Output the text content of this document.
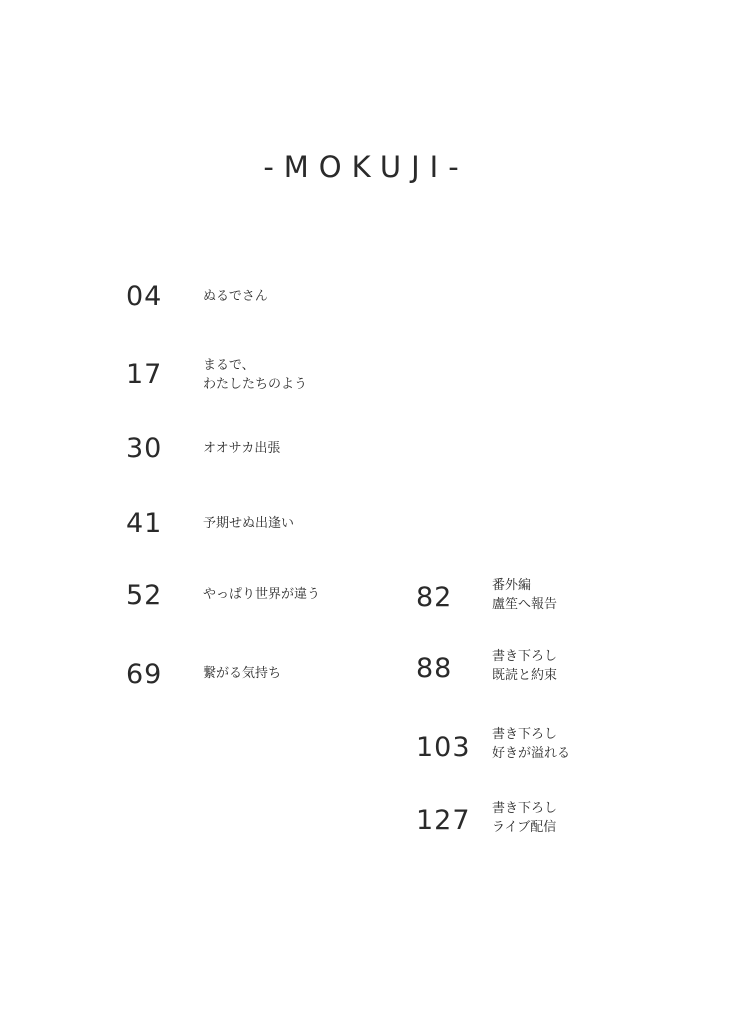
-MOKUJI-
04	ぬるでさん
17	まるで、
わたしたちのよう
30	オオサカ出張
41	予期せぬ出逢い
52	やっぱり世界が違う
69	繋がる気持ち
82	番外編
盧笙へ報告
88	書き下ろし
既読と約束
103 書き下ろし
好きが溢れる
127 書き下ろし
ライブ配信
